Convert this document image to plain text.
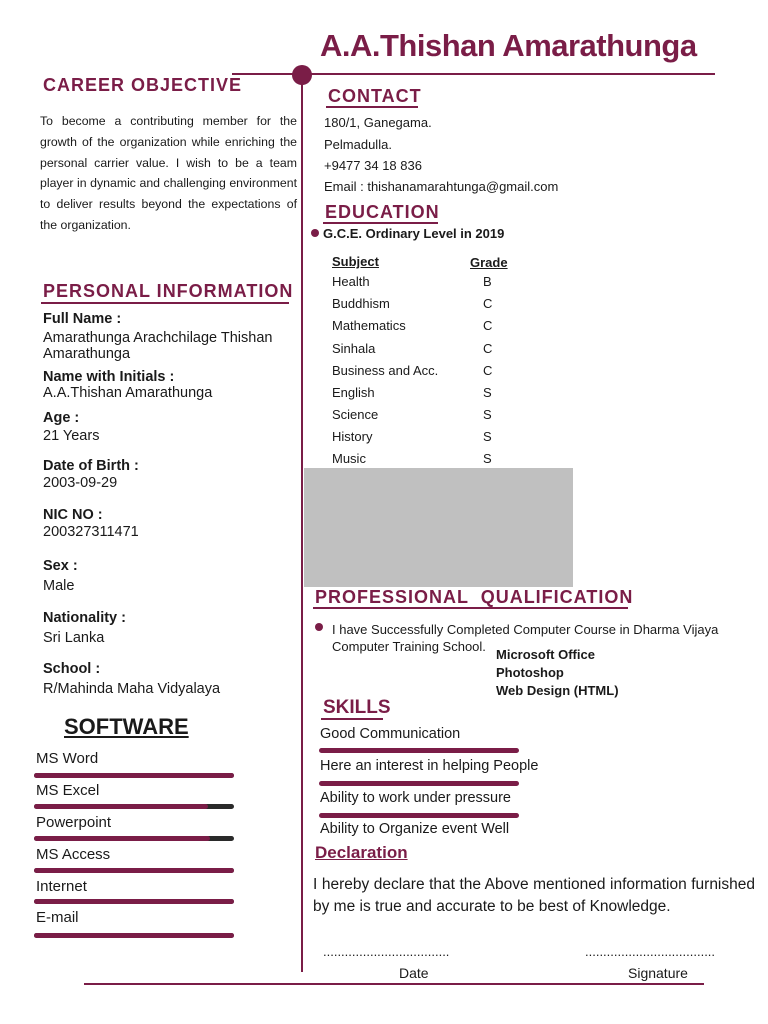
A.A.Thishan Amarathunga
CAREER OBJECTIVE
To become a contributing member for the growth of the organization while enriching the personal carrier value. I wish to be a team player in dynamic and challenging environment to deliver results beyond the expectations of the organization.
PERSONAL INFORMATION
Full Name :
Amarathunga Arachchilage Thishan Amarathunga
Name with Initials :
A.A.Thishan Amarathunga
Age :
21 Years
Date of Birth :
2003-09-29
NIC NO :
200327311471
Sex :
Male
Nationality :
Sri Lanka
School :
R/Mahinda Maha Vidyalaya
SOFTWARE
MS Word
MS Excel
Powerpoint
MS Access
Internet
E-mail
CONTACT
180/1, Ganegama.
Pelmadulla.
+9477 34 18 836
Email : thishanamarahtunga@gmail.com
EDUCATION
G.C.E. Ordinary Level in 2019
Subject	Grade
Health	B
Buddhism	C
Mathematics	C
Sinhala	C
Business and Acc.	C
English	S
Science	S
History	S
Music	S
PROFESSIONAL  QUALIFICATION
I have Successfully Completed Computer Course in Dharma Vijaya Computer Training School.
Microsoft Office
Photoshop
Web Design (HTML)
SKILLS
Good Communication
Here an interest in helping People
Ability to work under pressure
Ability to Organize event Well
Declaration
I hereby declare that the Above mentioned information furnished by me is true and accurate to be best of Knowledge.
...................................	....................................
Date	Signature
